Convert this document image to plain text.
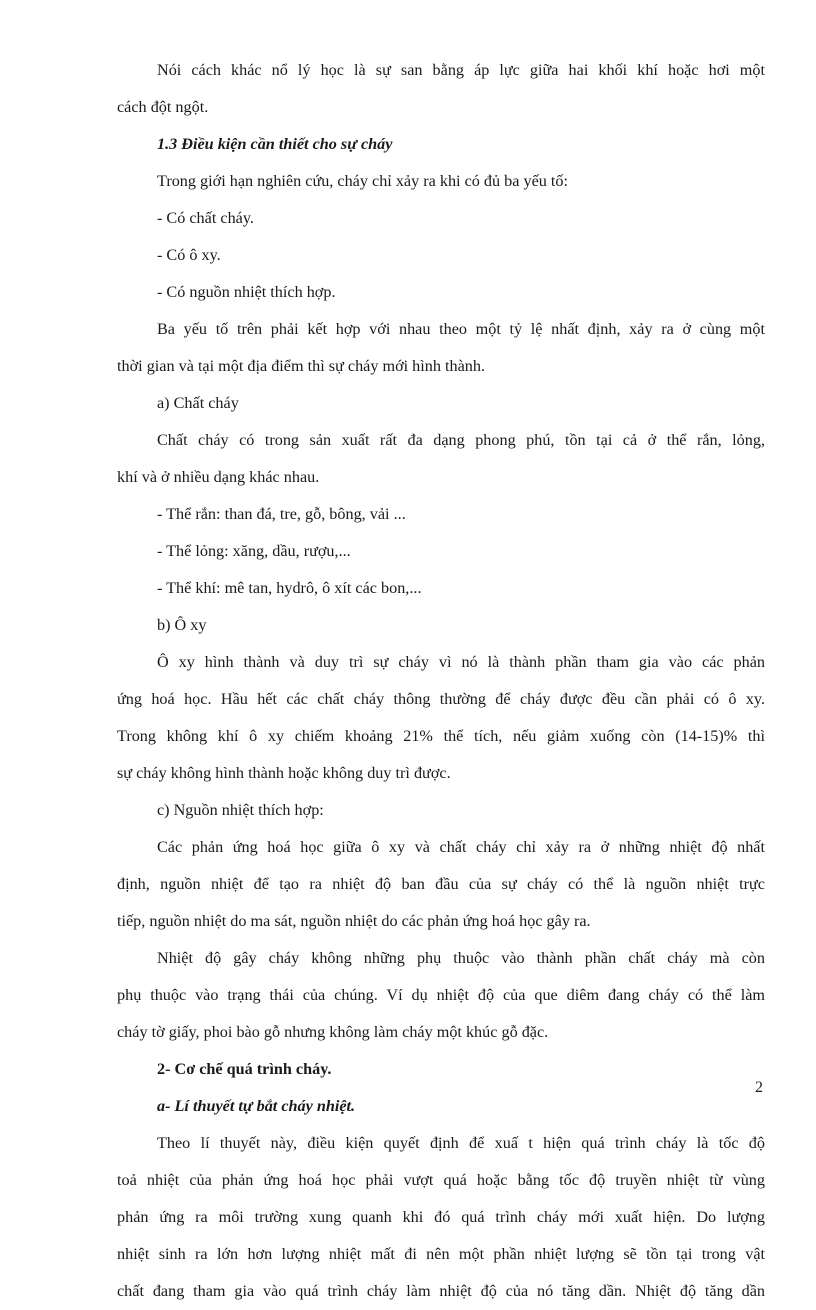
Nói cách khác nổ lý học là sự san bằng áp lực giữa hai khối khí hoặc hơi một
cách đột ngột.
1.3 Điều kiện cần thiết cho sự cháy
Trong giới hạn nghiên cứu, cháy chỉ xảy ra khi có đủ ba yếu tố:
- Có chất cháy.
- Có ô xy.
- Có nguồn nhiệt thích hợp.
Ba yếu tố trên phải kết hợp với nhau theo một tỷ lệ nhất định, xảy ra ở cùng một
thời gian và tại một địa điểm thì sự cháy mới hình thành.
a) Chất cháy
Chất cháy có trong sản xuất rất đa dạng phong phú, tồn tại cả ở thể rắn, lỏng,
khí và ở nhiều dạng khác nhau.
- Thể rắn: than đá, tre, gỗ, bông, vải ...
- Thể lỏng: xăng, dầu, rượu,...
- Thể khí: mê tan, hydrô, ô xít các bon,...
b) Ô xy
Ô xy hình thành và duy trì sự cháy vì nó là thành phần tham gia vào các phản
ứng hoá học. Hầu hết các chất cháy thông thường để cháy được đều cần phải có ô xy.
Trong không khí ô xy chiếm khoảng 21% thể tích, nếu giảm xuống còn (14-15)% thì
sự cháy không hình thành hoặc không duy trì được.
c) Nguồn nhiệt thích hợp:
Các phản ứng hoá học giữa ô xy và chất cháy chỉ xảy ra ở những nhiệt độ nhất
định, nguồn nhiệt để tạo ra nhiệt độ ban đầu của sự cháy có thể là nguồn nhiệt trực
tiếp, nguồn nhiệt do ma sát, nguồn nhiệt do các phản ứng hoá học gây ra.
Nhiệt độ gây cháy không những phụ thuộc vào thành phần chất cháy mà còn
phụ thuộc vào trạng thái của chúng. Ví dụ nhiệt độ của que diêm đang cháy có thể làm
cháy tờ giấy, phoi bào gỗ nhưng không làm cháy một khúc gỗ đặc.
2- Cơ chế quá trình cháy.
a- Lí thuyết tự bắt cháy nhiệt.
Theo lí thuyết này, điều kiện quyết định để xuấ t hiện quá trình cháy là tốc độ
toả nhiệt của phản ứng hoá học phải vượt quá hoặc bằng tốc độ truyền nhiệt từ vùng
phản ứng ra môi trường xung quanh khi đó quá trình cháy mới xuất hiện. Do lượng
nhiệt sinh ra lớn hơn lượng nhiệt mất đi nên một phần nhiệt lượng sẽ tồn tại trong vật
chất đang tham gia vào quá trình cháy làm nhiệt độ của nó tăng dần. Nhiệt độ tăng dần
2
